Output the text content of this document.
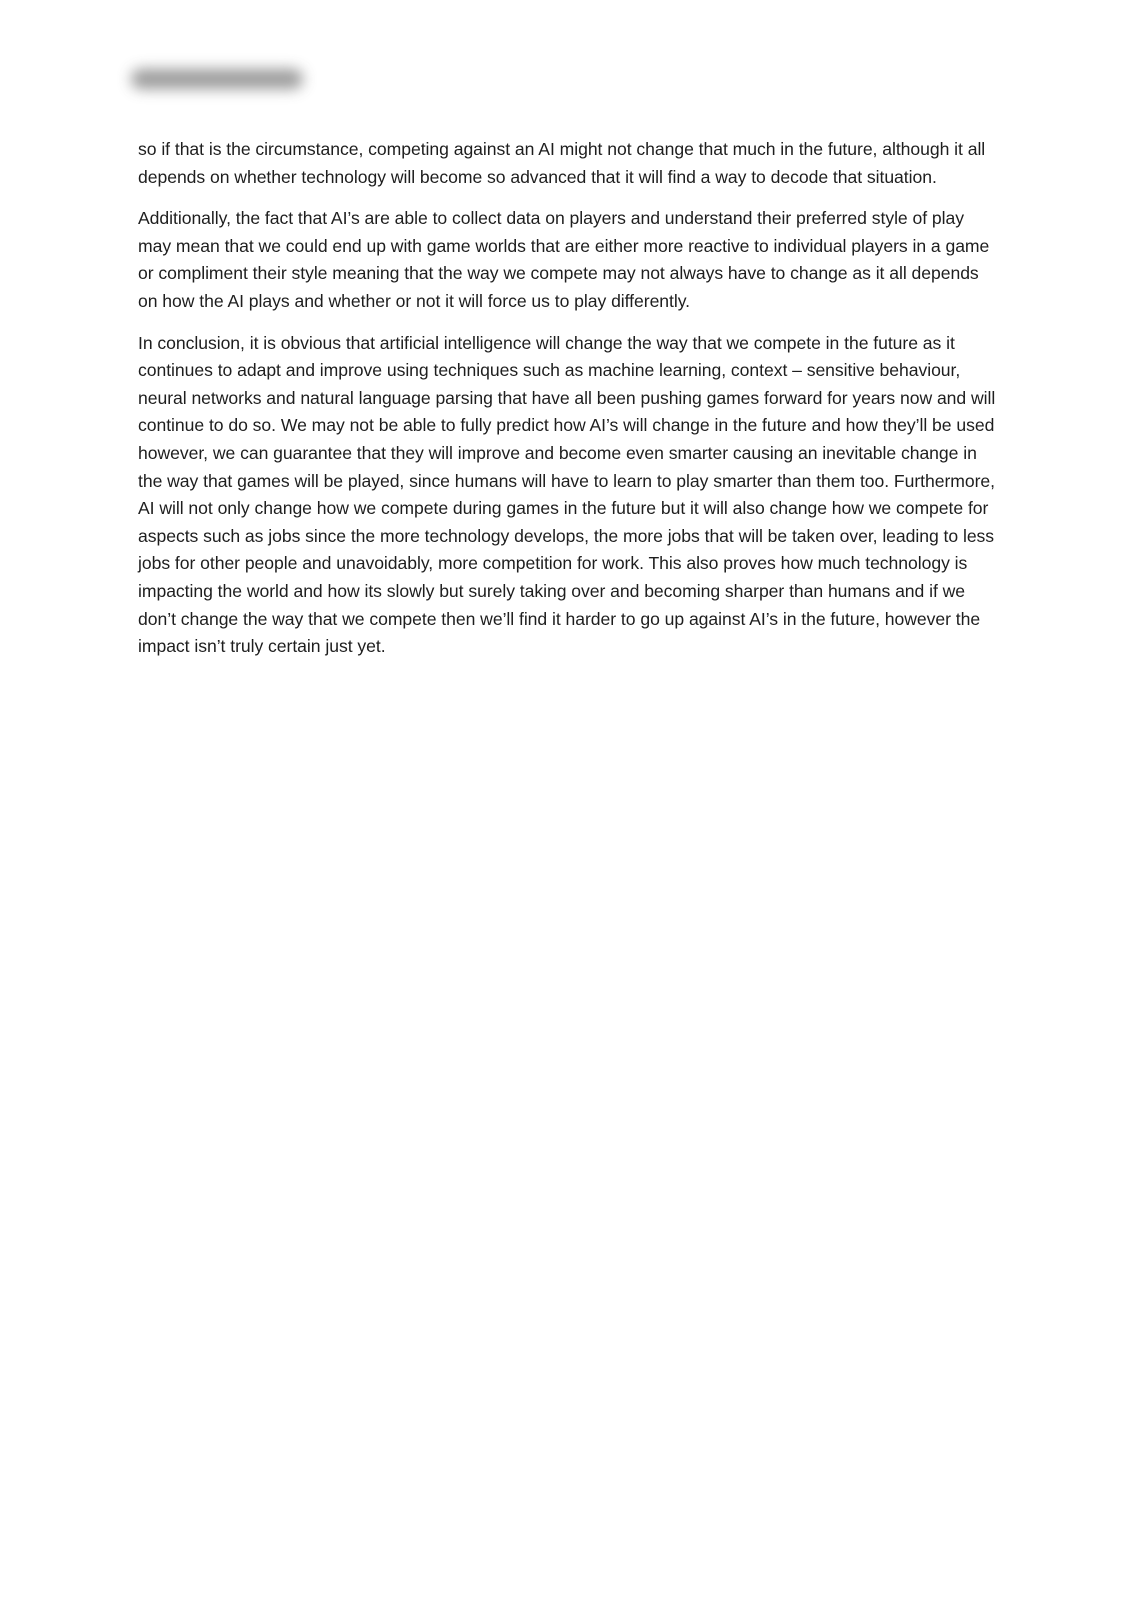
so if that is the circumstance, competing against an AI might not change that much in the future, although it all depends on whether technology will become so advanced that it will find a way to decode that situation.

Additionally, the fact that AI’s are able to collect data on players and understand their preferred style of play may mean that we could end up with game worlds that are either more reactive to individual players in a game or compliment their style meaning that the way we compete may not always have to change as it all depends on how the AI plays and whether or not it will force us to play differently.

In conclusion, it is obvious that artificial intelligence will change the way that we compete in the future as it continues to adapt and improve using techniques such as machine learning, context – sensitive behaviour, neural networks and natural language parsing that have all been pushing games forward for years now and will continue to do so. We may not be able to fully predict how AI’s will change in the future and how they’ll be used however, we can guarantee that they will improve and become even smarter causing an inevitable change in the way that games will be played, since humans will have to learn to play smarter than them too. Furthermore, AI will not only change how we compete during games in the future but it will also change how we compete for aspects such as jobs since the more technology develops, the more jobs that will be taken over, leading to less jobs for other people and unavoidably, more competition for work. This also proves how much technology is impacting the world and how its slowly but surely taking over and becoming sharper than humans and if we don’t change the way that we compete then we’ll find it harder to go up against AI’s in the future, however the impact isn’t truly certain just yet.
